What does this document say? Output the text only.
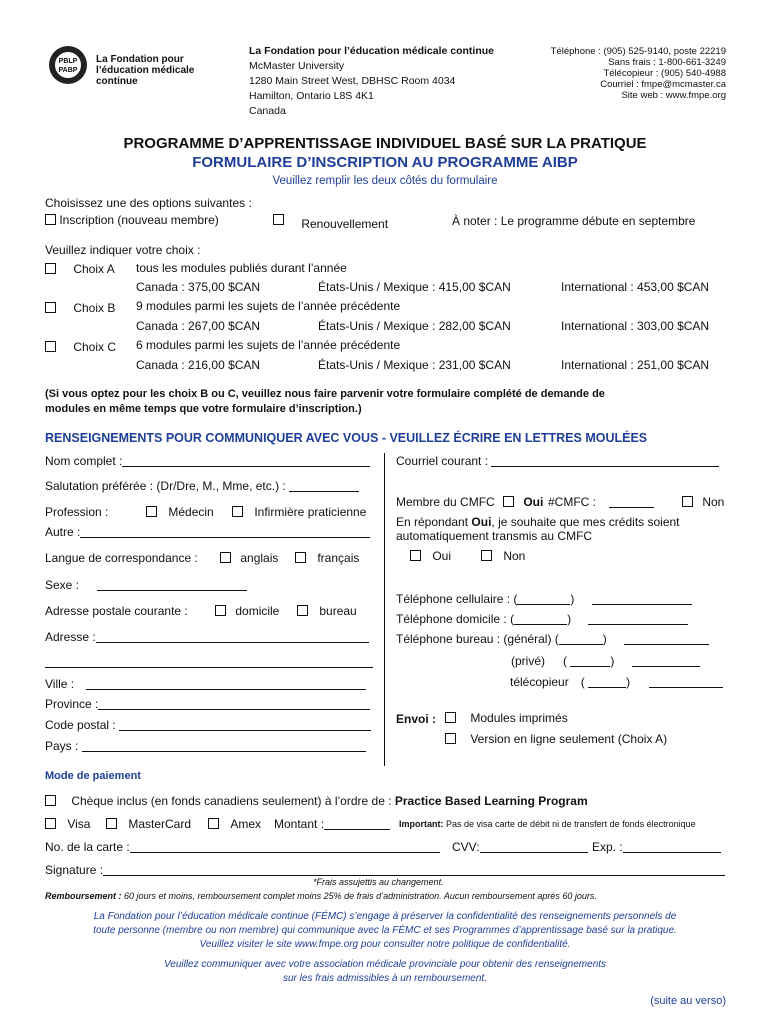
PBLP
PABP
La Fondation pour
l’éducation médicale
continue
La Fondation pour l’éducation médicale continue
McMaster University
1280 Main Street West, DBHSC Room 4034
Hamilton, Ontario L8S 4K1
Canada
Téléphone : (905) 525-9140, poste 22219
Sans frais : 1-800-661-3249
Télécopieur : (905) 540-4988
Courriel : fmpe@mcmaster.ca
Site web : www.fmpe.org
PROGRAMME D’APPRENTISSAGE INDIVIDUEL BASÉ SUR LA PRATIQUE
FORMULAIRE D’INSCRIPTION AU PROGRAMME AIBP
Veuillez remplir les deux côtés du formulaire
Choisissez une des options suivantes :
Inscription (nouveau membre)	Renouvellement	À noter : Le programme débute en septembre
Veuillez indiquer votre choix :
Choix A tous les modules publiés durant l’année
Canada : 375,00 $CAN	États-Unis / Mexique : 415,00 $CAN	International : 453,00 $CAN
Choix B 9 modules parmi les sujets de l’année précédente
Canada : 267,00 $CAN	États-Unis / Mexique : 282,00 $CAN	International : 303,00 $CAN
Choix C 6 modules parmi les sujets de l’année précédente
Canada : 216,00 $CAN	États-Unis / Mexique : 231,00 $CAN	International : 251,00 $CAN
(Si vous optez pour les choix B ou C, veuillez nous faire parvenir votre formulaire complété de demande de
modules en même temps que votre formulaire d’inscription.)
RENSEIGNEMENTS POUR COMMUNIQUER AVEC VOUS - VEUILLEZ ÉCRIRE EN LETTRES MOULÉES
Nom complet :
Salutation préférée : (Dr/Dre, M., Mme, etc.) :
Profession :	Médecin	Infirmière praticienne
Autre :
Langue de correspondance :	anglais	français
Sexe :
Adresse postale courante :	domicile	bureau
Adresse :
Ville :
Province :
Code postal :
Pays :
Courriel courant :
Membre du CMFC	Oui #CMFC :	Non
En répondant Oui, je souhaite que mes crédits soient
automatiquement transmis au CMFC
Oui	Non
Téléphone cellulaire : (	)
Téléphone domicile : (	)
Téléphone bureau : (général) (	)
(privé) (	)
télécopieur (	)
Envoi :	Modules imprimés
Version en ligne seulement (Choix A)
Mode de paiement
Chèque inclus (en fonds canadiens seulement) à l’ordre de : Practice Based Learning Program
Visa	MasterCard	Amex Montant :	Important: Pas de visa carte de débit ni de transfert de fonds électronique
No. de la carte :	CVV:	Exp. :
Signature :
*Frais assujettis au changement.
Remboursement : 60 jours et moins, remboursement complet moins 25% de frais d’administration. Aucun remboursement après 60 jours.
La Fondation pour l’éducation médicale continue (FÉMC) s’engage à préserver la confidentialité des renseignements personnels de
toute personne (membre ou non membre) qui communique avec la FÉMC et ses Programmes d’apprentissage basé sur la pratique.
Veuillez visiter le site www.fmpe.org pour consulter notre politique de confidentialité.
Veuillez communiquer avec votre association médicale provinciale pour obtenir des renseignements
sur les frais admissibles à un remboursement.
(suite au verso)
